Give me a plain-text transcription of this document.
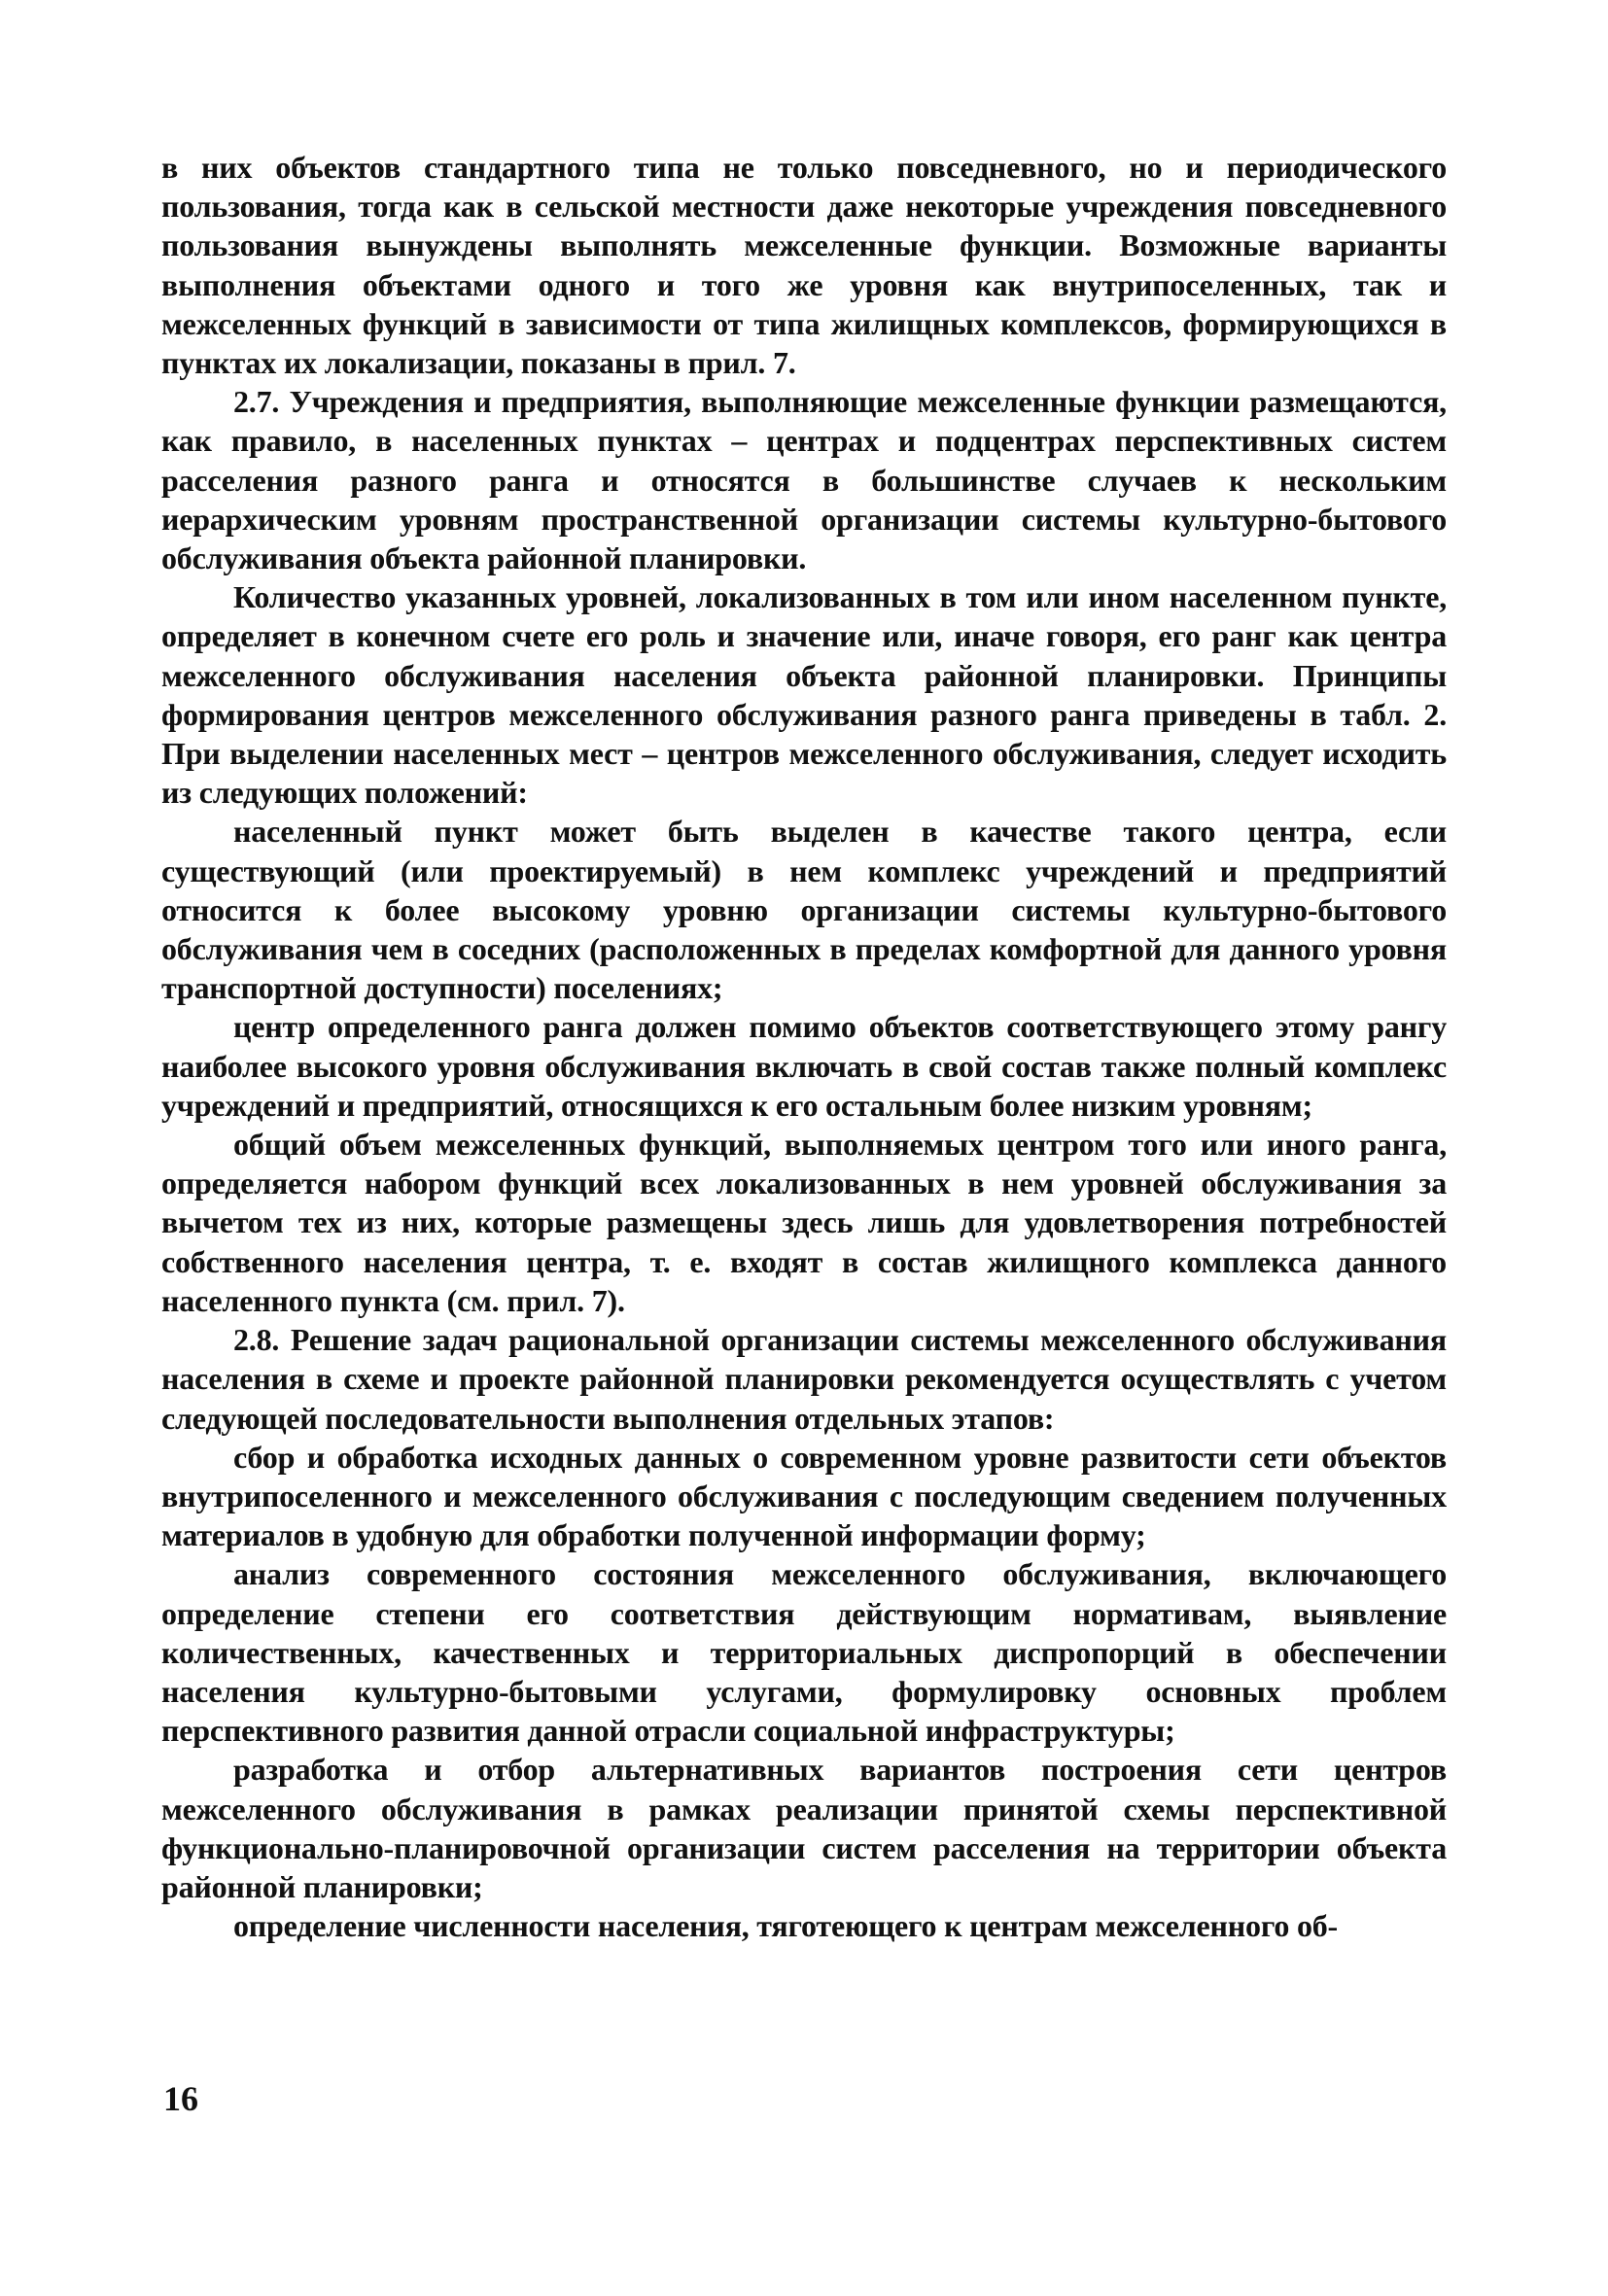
в них объектов стандартного типа не только повседневного, но и периодического пользования, тогда как в сельской местности даже некоторые учреждения повседневного пользования вынуждены выполнять межселенные функции. Возможные варианты выполнения объектами одного и того же уровня как внутрипоселенных, так и межселенных функций в зависимости от типа жилищных комплексов, формирующихся в пунктах их локализации, показаны в прил. 7.

2.7. Учреждения и предприятия, выполняющие межселенные функции размещаются, как правило, в населенных пунктах – центрах и подцентрах перспективных систем расселения разного ранга и относятся в большинстве случаев к нескольким иерархическим уровням пространственной организации системы культурно-бытового обслуживания объекта районной планировки.

Количество указанных уровней, локализованных в том или ином населенном пункте, определяет в конечном счете его роль и значение или, иначе говоря, его ранг как центра межселенного обслуживания населения объекта районной планировки. Принципы формирования центров межселенного обслуживания разного ранга приведены в табл. 2. При выделении населенных мест – центров межселенного обслуживания, следует исходить из следующих положений:

населенный пункт может быть выделен в качестве такого центра, если существующий (или проектируемый) в нем комплекс учреждений и предприятий относится к более высокому уровню организации системы культурно-бытового обслуживания чем в соседних (расположенных в пределах комфортной для данного уровня транспортной доступности) поселениях;

центр определенного ранга должен помимо объектов соответствующего этому рангу наиболее высокого уровня обслуживания включать в свой состав также полный комплекс учреждений и предприятий, относящихся к его остальным более низким уровням;

общий объем межселенных функций, выполняемых центром того или иного ранга, определяется набором функций всех локализованных в нем уровней обслуживания за вычетом тех из них, которые размещены здесь лишь для удовлетворения потребностей собственного населения центра, т. е. входят в состав жилищного комплекса данного населенного пункта (см. прил. 7).

2.8. Решение задач рациональной организации системы межселенного обслуживания населения в схеме и проекте районной планировки рекомендуется осуществлять с учетом следующей последовательности выполнения отдельных этапов:

сбор и обработка исходных данных о современном уровне развитости сети объектов внутрипоселенного и межселенного обслуживания с последующим сведением полученных материалов в удобную для обработки полученной информации форму;

анализ современного состояния межселенного обслуживания, включающего определение степени его соответствия действующим нормативам, выявление количественных, качественных и территориальных диспропорций в обеспечении населения культурно-бытовыми услугами, формулировку основных проблем перспективного развития данной отрасли социальной инфраструктуры;

разработка и отбор альтернативных вариантов построения сети центров межселенного обслуживания в рамках реализации принятой схемы перспективной функционально-планировочной организации систем расселения на территории объекта районной планировки;

определение численности населения, тяготеющего к центрам межселенного об-

16
